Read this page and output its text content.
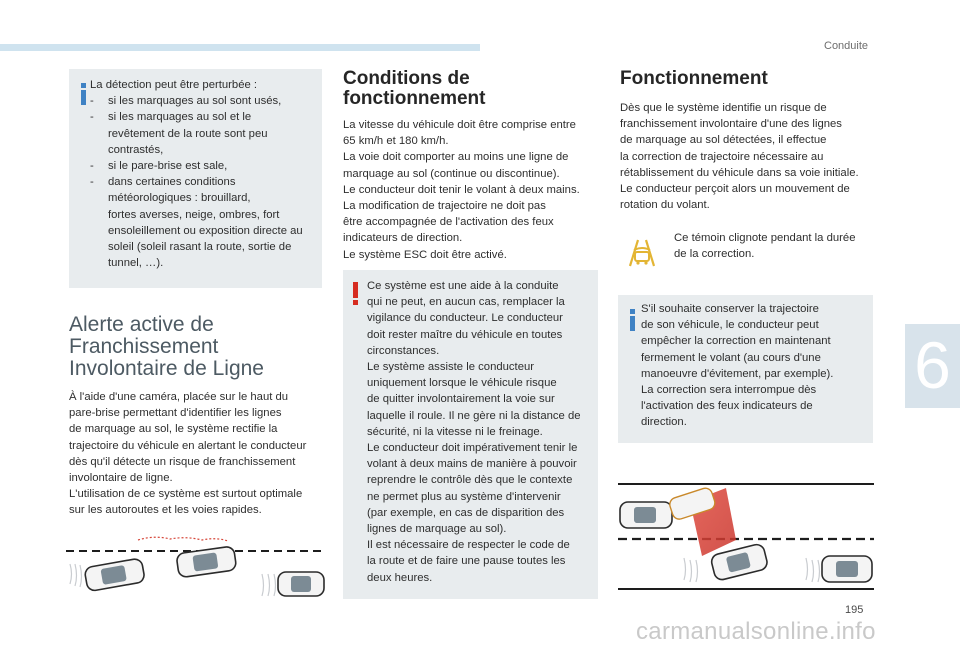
Conduite
6
195
carmanualsonline.info
La détection peut être perturbée :
-	si les marquages au sol sont usés,
-	si les marquages au sol et le
revêtement de la route sont peu
contrastés,
-	si le pare-brise est sale,
-	dans certaines conditions
météorologiques : brouillard,
fortes averses, neige, ombres, fort
ensoleillement ou exposition directe au
soleil (soleil rasant la route, sortie de
tunnel, …).
Alerte active de
Franchissement
Involontaire de Ligne
À l'aide d'une caméra, placée sur le haut du
pare-brise permettant d'identifier les lignes
de marquage au sol, le système rectifie la
trajectoire du véhicule en alertant le conducteur
dès qu'il détecte un risque de franchissement
involontaire de ligne.
L'utilisation de ce système est surtout optimale
sur les autoroutes et les voies rapides.
Conditions de
fonctionnement
La vitesse du véhicule doit être comprise entre
65 km/h et 180 km/h.
La voie doit comporter au moins une ligne de
marquage au sol (continue ou discontinue).
Le conducteur doit tenir le volant à deux mains.
La modification de trajectoire ne doit pas
être accompagnée de l'activation des feux
indicateurs de direction.
Le système ESC doit être activé.
Ce système est une aide à la conduite
qui ne peut, en aucun cas, remplacer la
vigilance du conducteur. Le conducteur
doit rester maître du véhicule en toutes
circonstances.
Le système assiste le conducteur
uniquement lorsque le véhicule risque
de quitter involontairement la voie sur
laquelle il roule. Il ne gère ni la distance de
sécurité, ni la vitesse ni le freinage.
Le conducteur doit impérativement tenir le
volant à deux mains de manière à pouvoir
reprendre le contrôle dès que le contexte
ne permet plus au système d'intervenir
(par exemple, en cas de disparition des
lignes de marquage au sol).
Il est nécessaire de respecter le code de
la route et de faire une pause toutes les
deux heures.
Fonctionnement
Dès que le système identifie un risque de
franchissement involontaire d'une des lignes
de marquage au sol détectées, il effectue
la correction de trajectoire nécessaire au
rétablissement du véhicule dans sa voie initiale.
Le conducteur perçoit alors un mouvement de
rotation du volant.
Ce témoin clignote pendant la durée
de la correction.
S'il souhaite conserver la trajectoire
de son véhicule, le conducteur peut
empêcher la correction en maintenant
fermement le volant (au cours d'une
manoeuvre d'évitement, par exemple).
La correction sera interrompue dès
l'activation des feux indicateurs de
direction.
